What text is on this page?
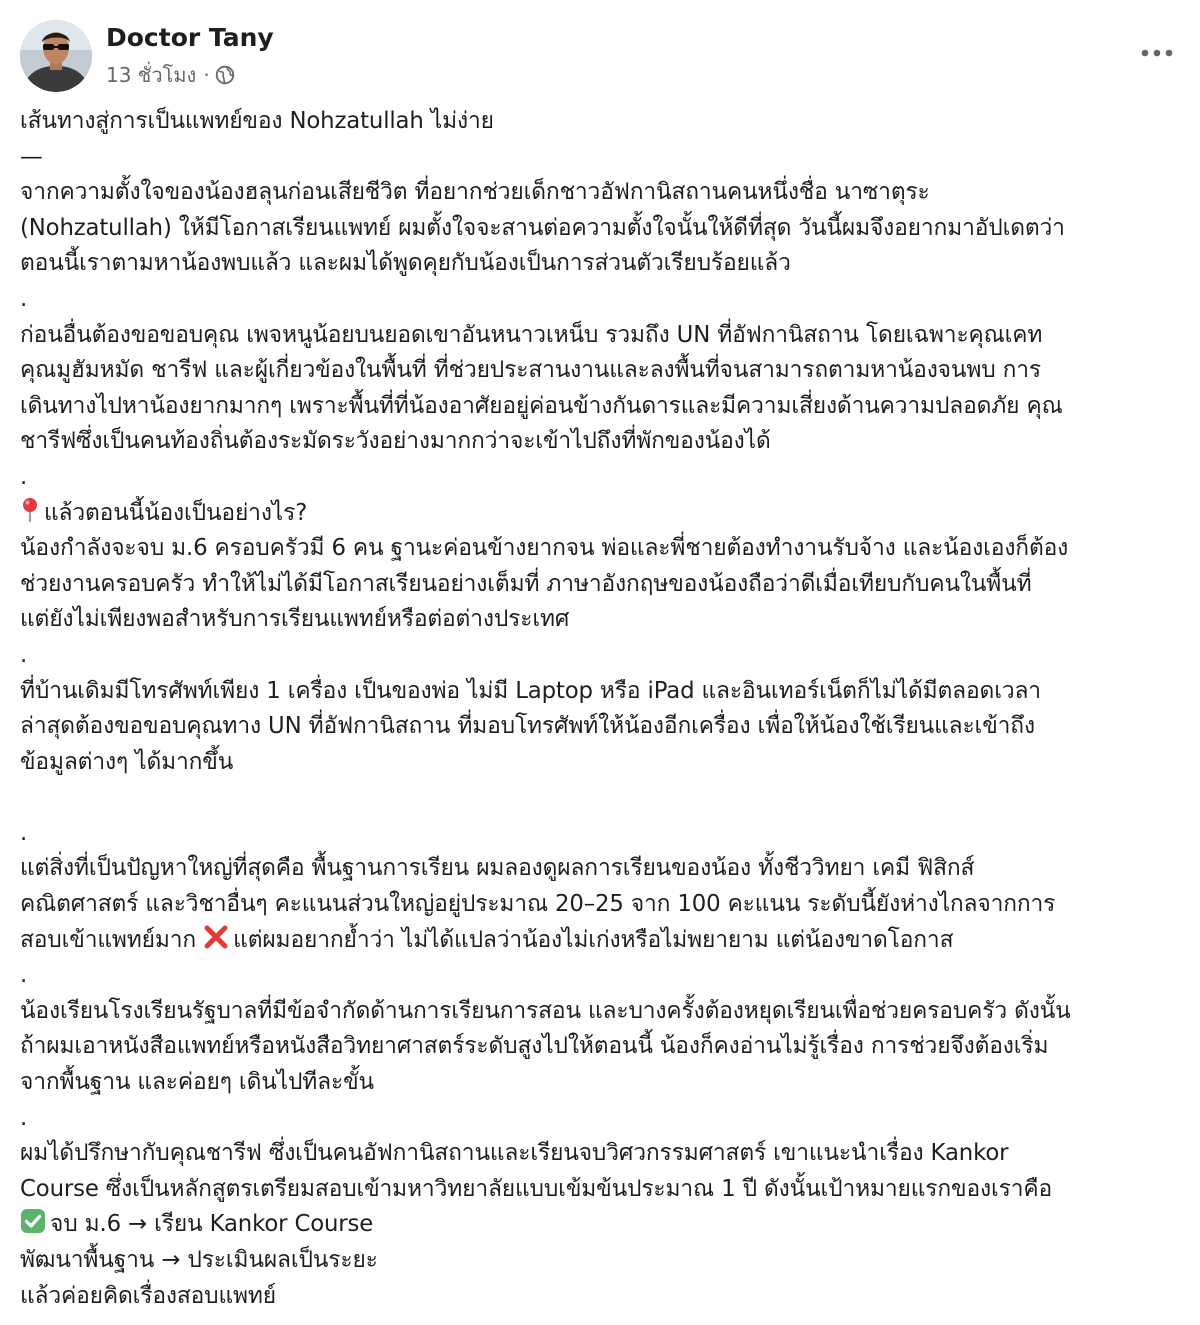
Doctor Tany
13 ชั่วโมง ·
เส้นทางสู่การเป็นแพทย์ของ Nohzatullah ไม่ง่าย
—
จากความตั้งใจของน้องฮลุนก่อนเสียชีวิต ที่อยากช่วยเด็กชาวอัฟกานิสถานคนหนึ่งชื่อ นาซาตุระ
(Nohzatullah) ให้มีโอกาสเรียนแพทย์ ผมตั้งใจจะสานต่อความตั้งใจนั้นให้ดีที่สุด วันนี้ผมจึงอยากมาอัปเดตว่า
ตอนนี้เราตามหาน้องพบแล้ว และผมได้พูดคุยกับน้องเป็นการส่วนตัวเรียบร้อยแล้ว
.
ก่อนอื่นต้องขอขอบคุณ เพจหนูน้อยบนยอดเขาอันหนาวเหน็บ รวมถึง UN ที่อัฟกานิสถาน โดยเฉพาะคุณเคท
คุณมูฮัมหมัด ชารีฟ และผู้เกี่ยวข้องในพื้นที่ ที่ช่วยประสานงานและลงพื้นที่จนสามารถตามหาน้องจนพบ การ
เดินทางไปหาน้องยากมากๆ เพราะพื้นที่ที่น้องอาศัยอยู่ค่อนข้างกันดารและมีความเสี่ยงด้านความปลอดภัย คุณ
ชารีฟซึ่งเป็นคนท้องถิ่นต้องระมัดระวังอย่างมากกว่าจะเข้าไปถึงที่พักของน้องได้
.
แล้วตอนนี้น้องเป็นอย่างไร?
น้องกำลังจะจบ ม.6 ครอบครัวมี 6 คน ฐานะค่อนข้างยากจน พ่อและพี่ชายต้องทำงานรับจ้าง และน้องเองก็ต้อง
ช่วยงานครอบครัว ทำให้ไม่ได้มีโอกาสเรียนอย่างเต็มที่ ภาษาอังกฤษของน้องถือว่าดีเมื่อเทียบกับคนในพื้นที่
แต่ยังไม่เพียงพอสำหรับการเรียนแพทย์หรือต่อต่างประเทศ
.
ที่บ้านเดิมมีโทรศัพท์เพียง 1 เครื่อง เป็นของพ่อ ไม่มี Laptop หรือ iPad และอินเทอร์เน็ตก็ไม่ได้มีตลอดเวลา
ล่าสุดต้องขอขอบคุณทาง UN ที่อัฟกานิสถาน ที่มอบโทรศัพท์ให้น้องอีกเครื่อง เพื่อให้น้องใช้เรียนและเข้าถึง
ข้อมูลต่างๆ ได้มากขึ้น
.
แต่สิ่งที่เป็นปัญหาใหญ่ที่สุดคือ พื้นฐานการเรียน ผมลองดูผลการเรียนของน้อง ทั้งชีววิทยา เคมี ฟิสิกส์
คณิตศาสตร์ และวิชาอื่นๆ คะแนนส่วนใหญ่อยู่ประมาณ 20–25 จาก 100 คะแนน ระดับนี้ยังห่างไกลจากการ
สอบเข้าแพทย์มาก แต่ผมอยากย้ำว่า ไม่ได้แปลว่าน้องไม่เก่งหรือไม่พยายาม แต่น้องขาดโอกาส
.
น้องเรียนโรงเรียนรัฐบาลที่มีข้อจำกัดด้านการเรียนการสอน และบางครั้งต้องหยุดเรียนเพื่อช่วยครอบครัว ดังนั้น
ถ้าผมเอาหนังสือแพทย์หรือหนังสือวิทยาศาสตร์ระดับสูงไปให้ตอนนี้ น้องก็คงอ่านไม่รู้เรื่อง การช่วยจึงต้องเริ่ม
จากพื้นฐาน และค่อยๆ เดินไปทีละขั้น
.
ผมได้ปรึกษากับคุณชารีฟ ซึ่งเป็นคนอัฟกานิสถานและเรียนจบวิศวกรรมศาสตร์ เขาแนะนำเรื่อง Kankor
Course ซึ่งเป็นหลักสูตรเตรียมสอบเข้ามหาวิทยาลัยแบบเข้มข้นประมาณ 1 ปี ดังนั้นเป้าหมายแรกของเราคือ
จบ ม.6 → เรียน Kankor Course
พัฒนาพื้นฐาน → ประเมินผลเป็นระยะ
แล้วค่อยคิดเรื่องสอบแพทย์
